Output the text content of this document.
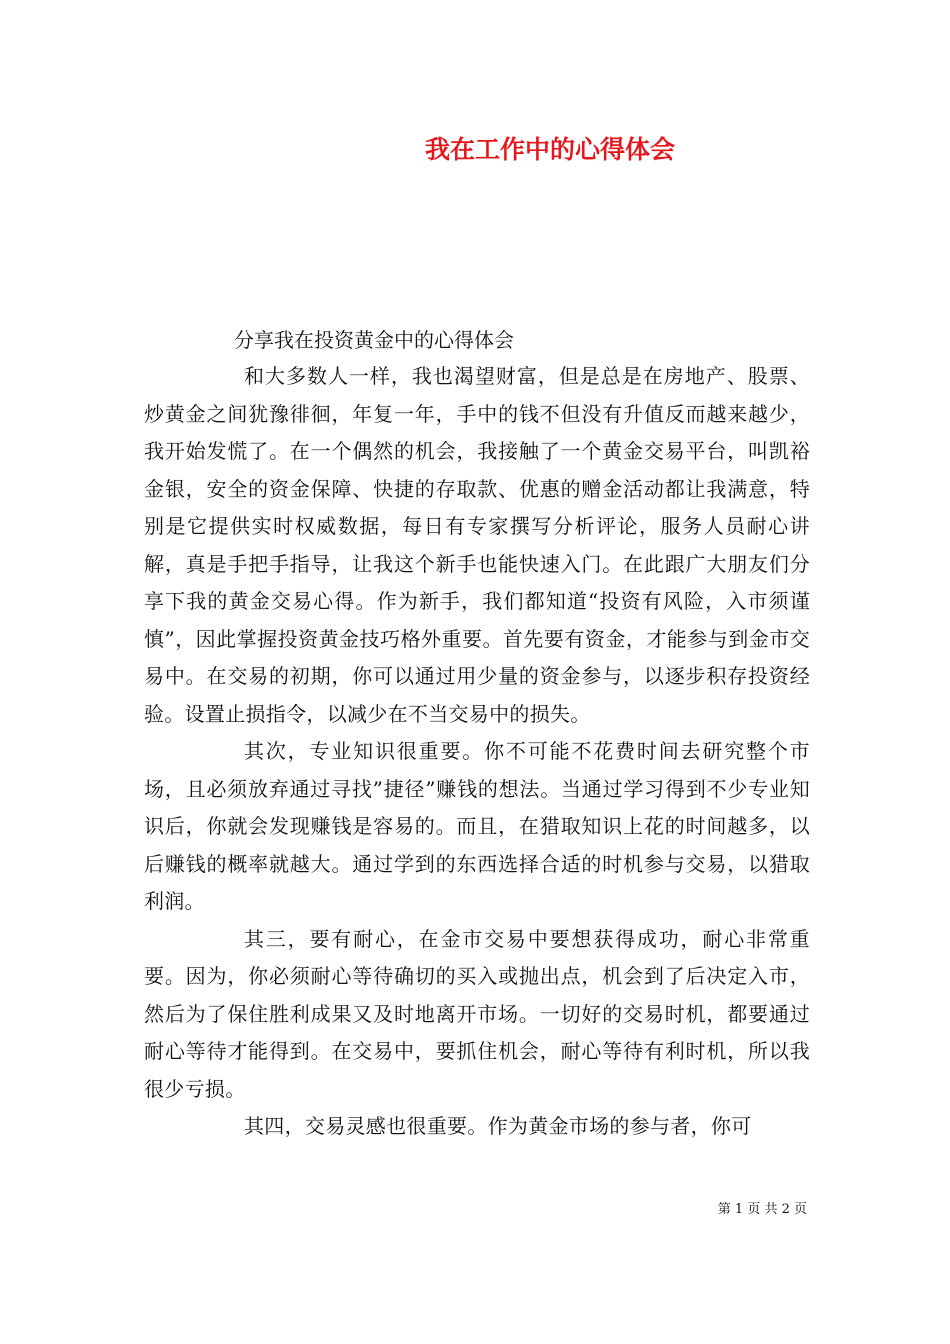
我在工作中的心得体会
分享我在投资黄金中的心得体会

和大多数人一样，我也渴望财富，但是总是在房地产、股票、炒黄金之间犹豫徘徊，年复一年，手中的钱不但没有升值反而越来越少，我开始发慌了。在一个偶然的机会，我接触了一个黄金交易平台，叫凯裕金银，安全的资金保障、快捷的存取款、优惠的赠金活动都让我满意，特别是它提供实时权威数据，每日有专家撰写分析评论，服务人员耐心讲解，真是手把手指导，让我这个新手也能快速入门。在此跟广大朋友们分享下我的黄金交易心得。作为新手，我们都知道“投资有风险，入市须谨慎”，因此掌握投资黄金技巧格外重要。首先要有资金，才能参与到金市交易中。在交易的初期，你可以通过用少量的资金参与，以逐步积存投资经验。设置止损指令，以减少在不当交易中的损失。

其次，专业知识很重要。你不可能不花费时间去研究整个市场，且必须放弃通过寻找”捷径”赚钱的想法。当通过学习得到不少专业知识后，你就会发现赚钱是容易的。而且，在猎取知识上花的时间越多，以后赚钱的概率就越大。通过学到的东西选择合适的时机参与交易，以猎取利润。

其三，要有耐心，在金市交易中要想获得成功，耐心非常重要。因为，你必须耐心等待确切的买入或抛出点，机会到了后决定入市，然后为了保住胜利成果又及时地离开市场。一切好的交易时机，都要通过耐心等待才能得到。在交易中，要抓住机会，耐心等待有利时机，所以我很少亏损。

其四，交易灵感也很重要。作为黄金市场的参与者，你可

第 1 页 共 2 页
